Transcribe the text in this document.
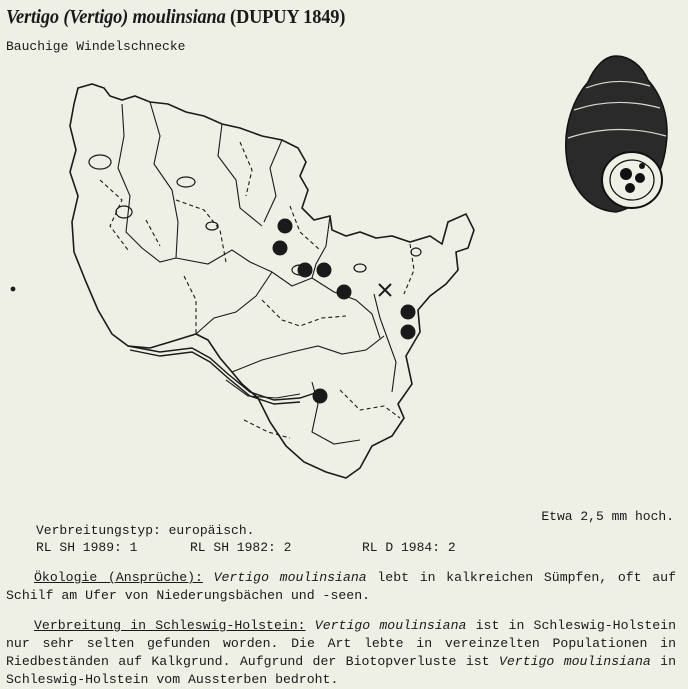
Vertigo (Vertigo) moulinsiana (DUPUY 1849)
Bauchige Windelschnecke
Etwa 2,5 mm hoch.
Verbreitungstyp: europäisch.
RL SH 1989: 1	RL SH 1982: 2	RL D 1984: 2
Ökologie (Ansprüche): Vertigo moulinsiana lebt in kalkreichen Sümpfen, oft auf Schilf am Ufer von Niederungsbächen und -seen.
Verbreitung in Schleswig-Holstein: Vertigo moulinsiana ist in Schleswig-Holstein nur sehr selten gefunden worden. Die Art lebte in vereinzelten Populationen in Riedbeständen auf Kalkgrund. Aufgrund der Biotopverluste ist Vertigo moulinsiana in Schleswig-Holstein vom Aussterben bedroht.
